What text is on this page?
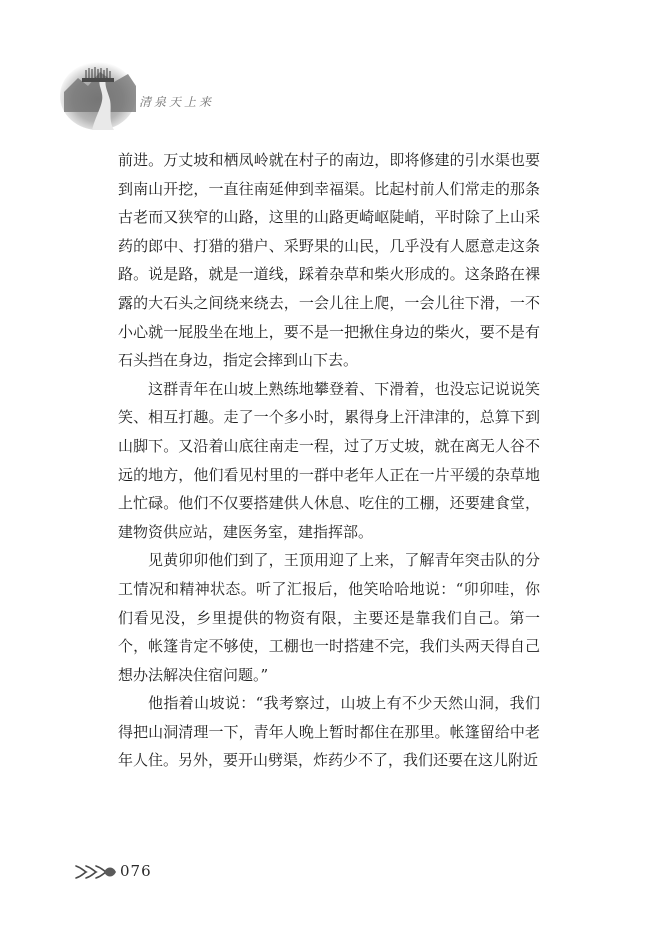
清泉天上来

前进。万丈坡和栖凤岭就在村子的南边，即将修建的引水渠也要到南山开挖，一直往南延伸到幸福渠。比起村前人们常走的那条古老而又狭窄的山路，这里的山路更崎岖陡峭，平时除了上山采药的郎中、打猎的猎户、采野果的山民，几乎没有人愿意走这条路。说是路，就是一道线，踩着杂草和柴火形成的。这条路在裸露的大石头之间绕来绕去，一会儿往上爬，一会儿往下滑，一不小心就一屁股坐在地上，要不是一把揪住身边的柴火，要不是有石头挡在身边，指定会摔到山下去。

这群青年在山坡上熟练地攀登着、下滑着，也没忘记说说笑笑、相互打趣。走了一个多小时，累得身上汗津津的，总算下到山脚下。又沿着山底往南走一程，过了万丈坡，就在离无人谷不远的地方，他们看见村里的一群中老年人正在一片平缓的杂草地上忙碌。他们不仅要搭建供人休息、吃住的工棚，还要建食堂，建物资供应站，建医务室，建指挥部。

见黄卯卯他们到了，王顶用迎了上来，了解青年突击队的分工情况和精神状态。听了汇报后，他笑哈哈地说：“卯卯哇，你们看见没，乡里提供的物资有限，主要还是靠我们自己。第一个，帐篷肯定不够使，工棚也一时搭建不完，我们头两天得自己想办法解决住宿问题。”

他指着山坡说：“我考察过，山坡上有不少天然山洞，我们得把山洞清理一下，青年人晚上暂时都住在那里。帐篷留给中老年人住。另外，要开山劈渠，炸药少不了，我们还要在这儿附近

076
